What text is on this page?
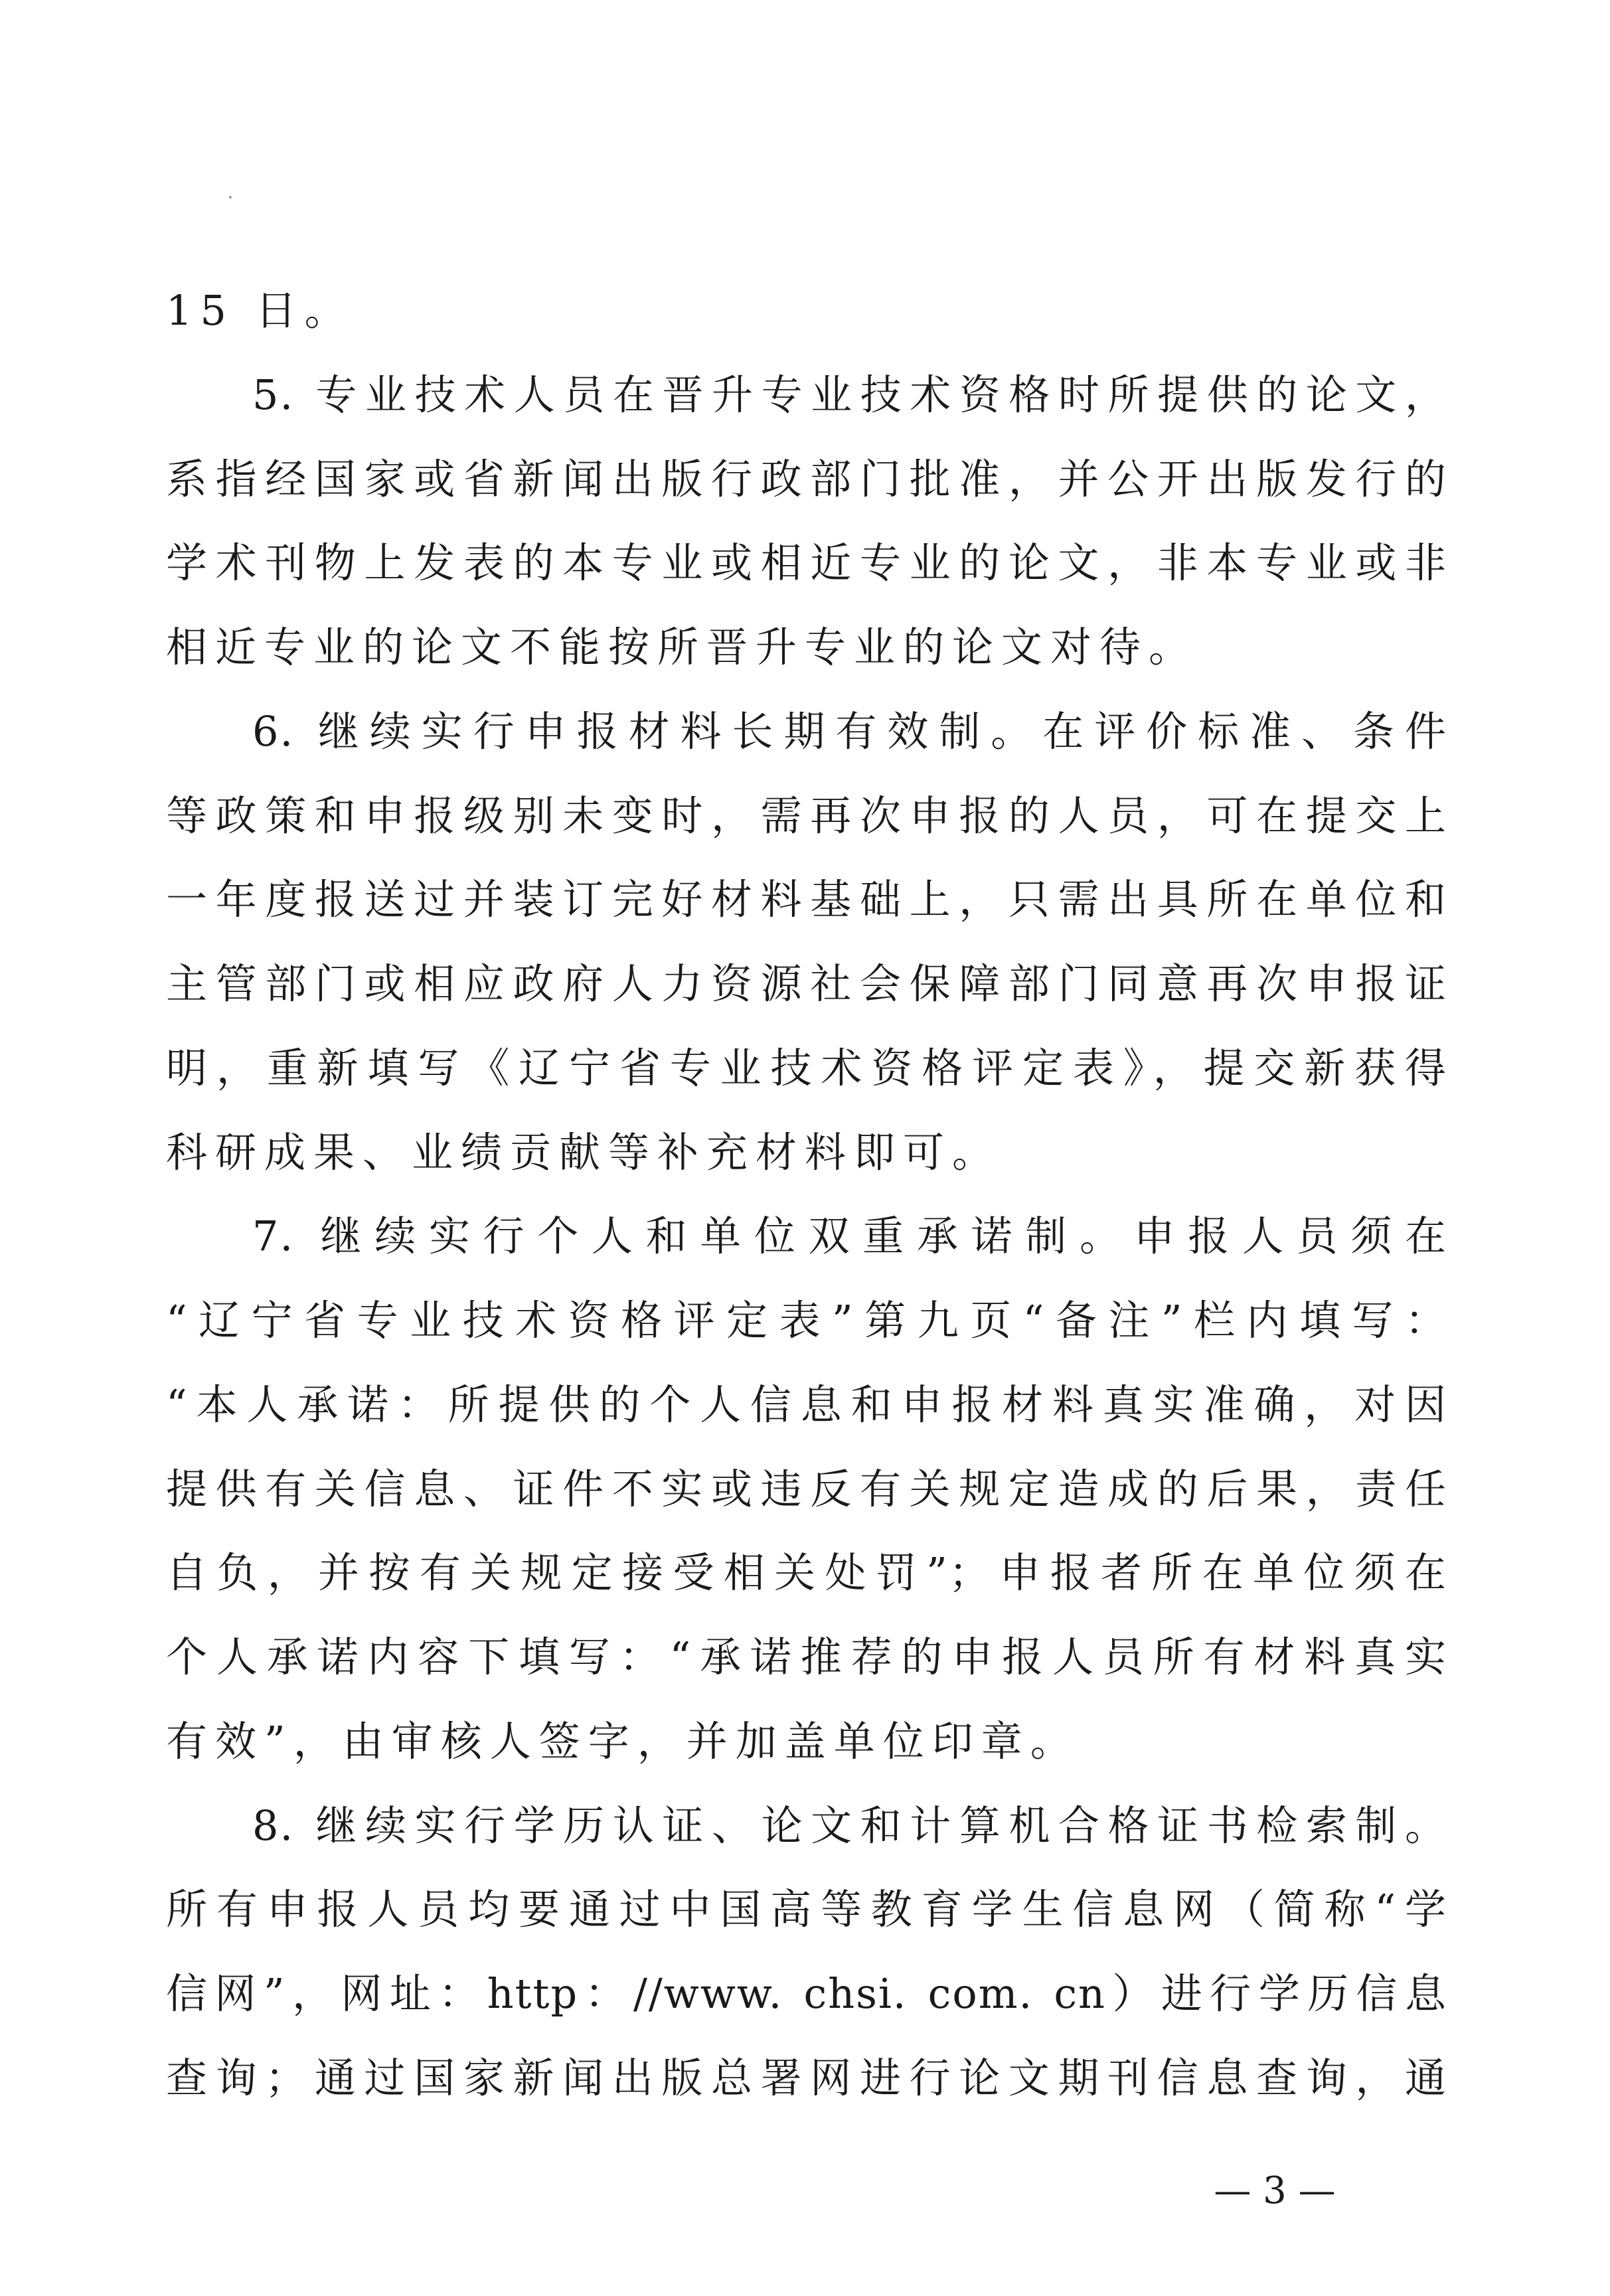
15 日。
5. 专业技术人员在晋升专业技术资格时所提供的论文，
系指经国家或省新闻出版行政部门批准，并公开出版发行的
学术刊物上发表的本专业或相近专业的论文，非本专业或非
相近专业的论文不能按所晋升专业的论文对待。
6. 继续实行申报材料长期有效制。在评价标准、条件
等政策和申报级别未变时，需再次申报的人员，可在提交上
一年度报送过并装订完好材料基础上，只需出具所在单位和
主管部门或相应政府人力资源社会保障部门同意再次申报证
明，重新填写《辽宁省专业技术资格评定表》，提交新获得
科研成果、业绩贡献等补充材料即可。
7. 继续实行个人和单位双重承诺制。申报人员须在
“辽宁省专业技术资格评定表”第九页“备注”栏内填写：
“本人承诺：所提供的个人信息和申报材料真实准确，对因
提供有关信息、证件不实或违反有关规定造成的后果，责任
自负，并按有关规定接受相关处罚”；申报者所在单位须在
个人承诺内容下填写：“承诺推荐的申报人员所有材料真实
有效”，由审核人签字，并加盖单位印章。
8. 继续实行学历认证、论文和计算机合格证书检索制。
所有申报人员均要通过中国高等教育学生信息网（简称“学
信网”，网址：http：//www. chsi. com. cn）进行学历信息
查询；通过国家新闻出版总署网进行论文期刊信息查询，通
— 3 —
